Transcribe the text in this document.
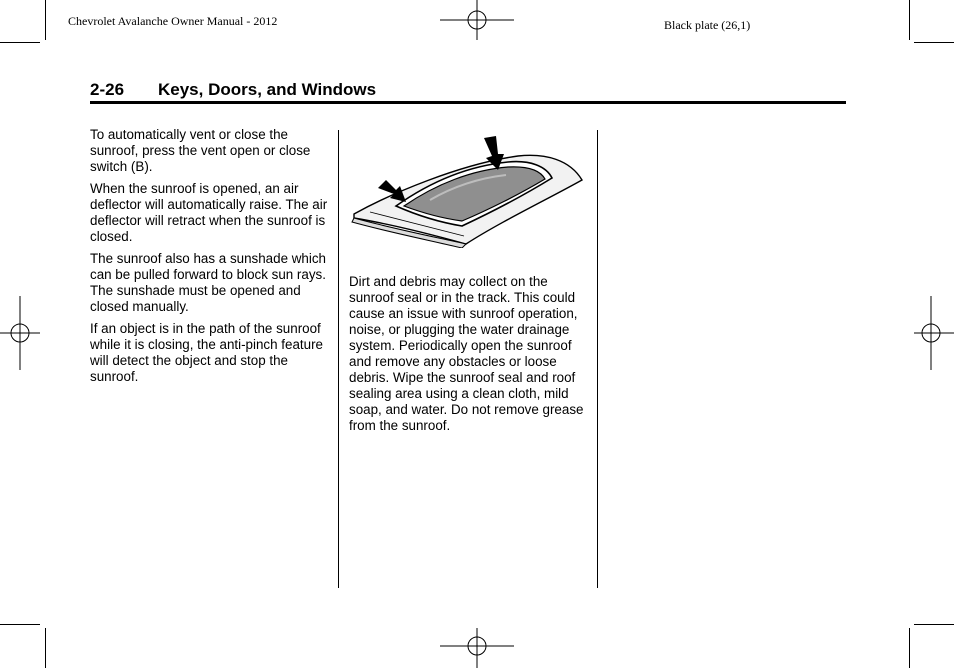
Chevrolet Avalanche Owner Manual - 2012	Black plate (26,1)
2-26 Keys, Doors, and Windows

To automatically vent or close the sunroof, press the vent open or close switch (B).

When the sunroof is opened, an air deflector will automatically raise. The air deflector will retract when the sunroof is closed.

The sunroof also has a sunshade which can be pulled forward to block sun rays. The sunshade must be opened and closed manually.

If an object is in the path of the sunroof while it is closing, the anti-pinch feature will detect the object and stop the sunroof.

Dirt and debris may collect on the sunroof seal or in the track. This could cause an issue with sunroof operation, noise, or plugging the water drainage system. Periodically open the sunroof and remove any obstacles or loose debris. Wipe the sunroof seal and roof sealing area using a clean cloth, mild soap, and water. Do not remove grease from the sunroof.
